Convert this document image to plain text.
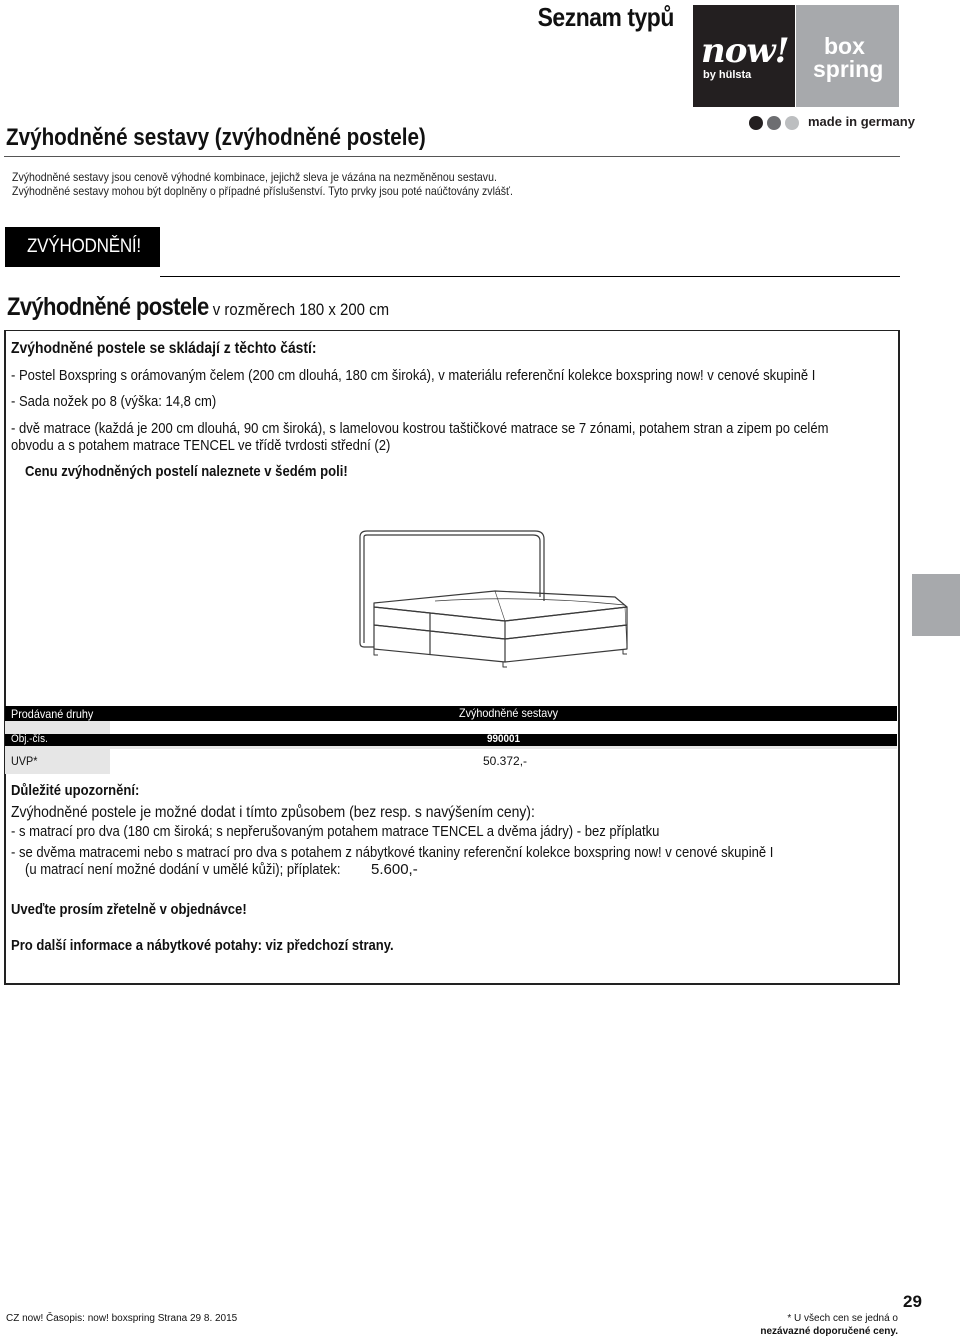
Seznam typů
now!
by hülsta
box
spring
made in germany
Zvýhodněné sestavy (zvýhodněné postele)
Zvýhodněné sestavy jsou cenově výhodné kombinace, jejichž sleva je vázána na nezměněnou sestavu.
Zvýhodněné sestavy mohou být doplněny o případné příslušenství. Tyto prvky jsou poté naúčtovány zvlášť.
ZVÝHODNĚNÍ!
Zvýhodněné postele v rozměrech 180 x 200 cm
Zvýhodněné postele se skládají z těchto částí:
- Postel Boxspring s orámovaným čelem (200 cm dlouhá, 180 cm široká), v materiálu referenční kolekce boxspring now! v cenové skupině I
- Sada nožek po 8 (výška: 14,8 cm)
- dvě matrace (každá je 200 cm dlouhá, 90 cm široká), s lamelovou kostrou taštičkové matrace se 7 zónami, potahem stran a zipem po celém
obvodu a s potahem matrace TENCEL ve třídě tvrdosti střední (2)
Cenu zvýhodněných postelí naleznete v šedém poli!
Prodávané druhy	Zvýhodněné sestavy
Obj.-čís.	990001
UVP*	50.372,-
Důležité upozornění:
Zvýhodněné postele je možné dodat i tímto způsobem (bez resp. s navýšením ceny):
- s matrací pro dva (180 cm široká; s nepřerušovaným potahem matrace TENCEL a dvěma jádry) - bez příplatku
- se dvěma matracemi nebo s matrací pro dva s potahem z nábytkové tkaniny referenční kolekce boxspring now! v cenové skupině I
(u matrací není možné dodání v umělé kůži); příplatek: 5.600,-
Uveďte prosím zřetelně v objednávce!
Pro další informace a nábytkové potahy: viz předchozí strany.
29
CZ now! Časopis: now! boxspring Strana 29 8. 2015	* U všech cen se jedná o
nezávazné doporučené ceny.
